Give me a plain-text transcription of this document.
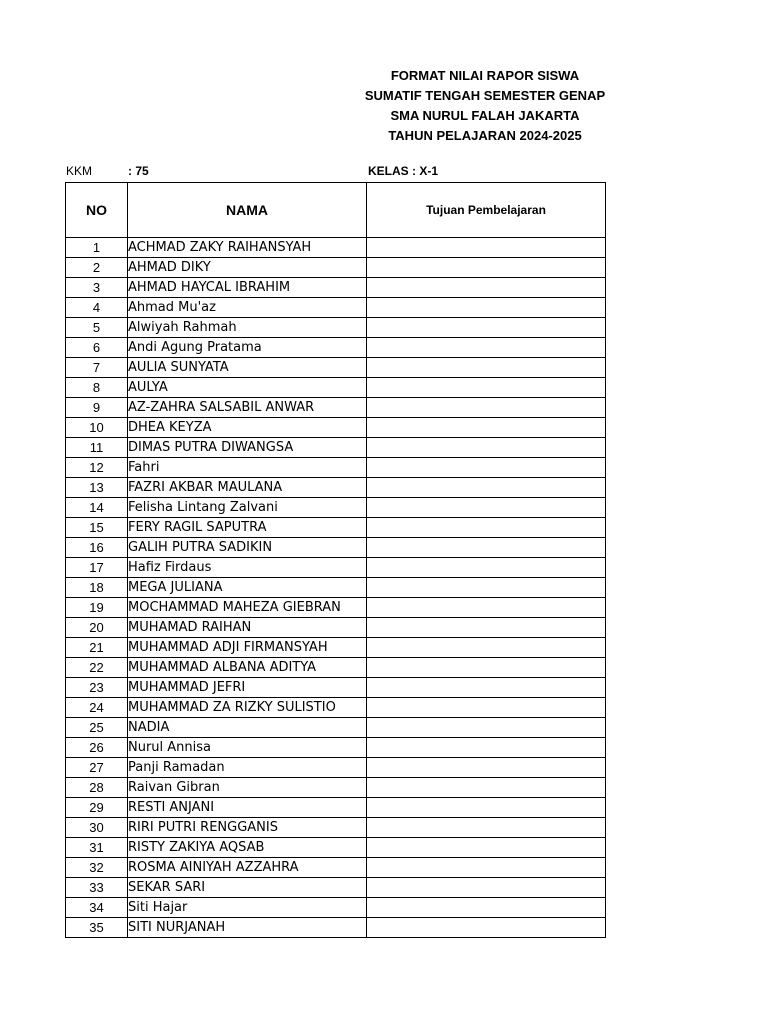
FORMAT NILAI RAPOR SISWA
SUMATIF TENGAH SEMESTER GENAP
SMA NURUL FALAH JAKARTA
TAHUN PELAJARAN 2024-2025
KKM	: 75	KELAS : X-1
NO	NAMA	Tujuan Pembelajaran
1	ACHMAD ZAKY RAIHANSYAH	
2	AHMAD DIKY	
3	AHMAD HAYCAL IBRAHIM	
4	Ahmad Mu'az	
5	Alwiyah Rahmah	
6	Andi Agung Pratama	
7	AULIA SUNYATA	
8	AULYA	
9	AZ-ZAHRA SALSABIL ANWAR	
10	DHEA KEYZA	
11	DIMAS PUTRA DIWANGSA	
12	Fahri	
13	FAZRI AKBAR MAULANA	
14	Felisha Lintang Zalvani	
15	FERY RAGIL SAPUTRA	
16	GALIH PUTRA SADIKIN	
17	Hafiz Firdaus	
18	MEGA JULIANA	
19	MOCHAMMAD MAHEZA GIEBRAN	
20	MUHAMAD RAIHAN	
21	MUHAMMAD ADJI FIRMANSYAH	
22	MUHAMMAD ALBANA ADITYA	
23	MUHAMMAD JEFRI	
24	MUHAMMAD ZA RIZKY SULISTIO	
25	NADIA	
26	Nurul Annisa	
27	Panji Ramadan	
28	Raivan Gibran	
29	RESTI ANJANI	
30	RIRI PUTRI RENGGANIS	
31	RISTY ZAKIYA AQSAB	
32	ROSMA AINIYAH AZZAHRA	
33	SEKAR SARI	
34	Siti Hajar	
35	SITI NURJANAH	
